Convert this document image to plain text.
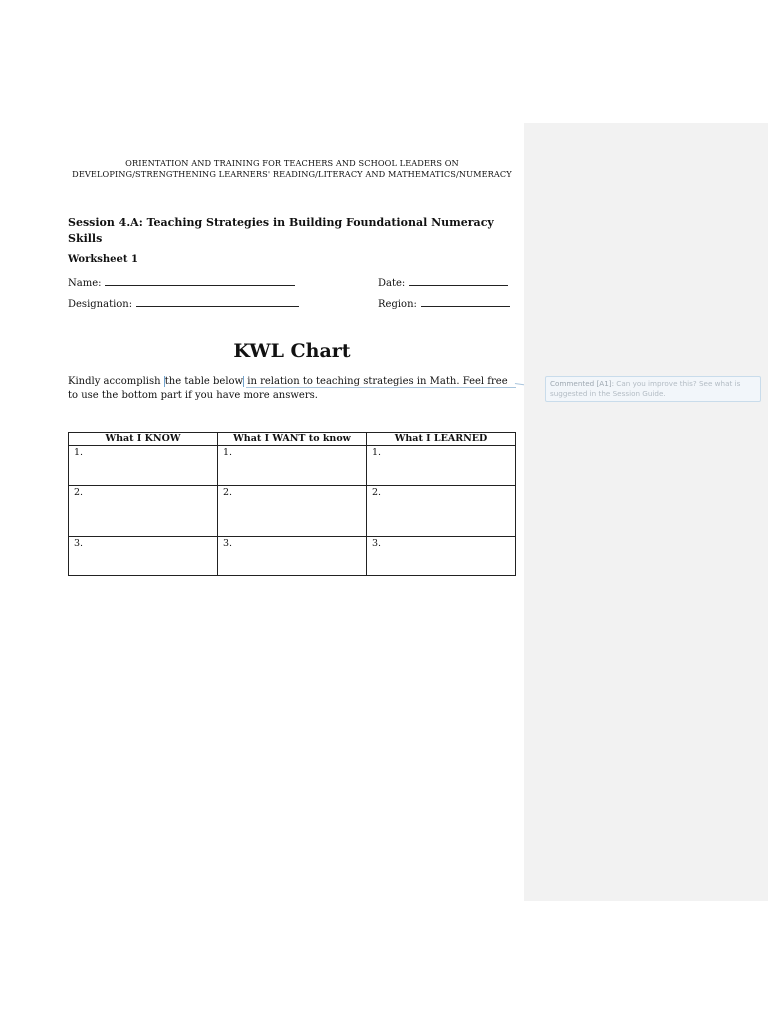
ORIENTATION AND TRAINING FOR TEACHERS AND SCHOOL LEADERS ON
DEVELOPING/STRENGTHENING LEARNERS' READING/LITERACY AND MATHEMATICS/NUMERACY
Session 4.A: Teaching Strategies in Building Foundational Numeracy Skills
Worksheet 1
Name:	Date:
Designation:	Region:
KWL Chart
Kindly accomplish the table below in relation to teaching strategies in Math. Feel free to use the bottom part if you have more answers.
What I KNOW	What I WANT to know	What I LEARNED
1.	1.	1.
2.	2.	2.
3.	3.	3.
Commented [A1]: Can you improve this? See what is suggested in the Session Guide.
